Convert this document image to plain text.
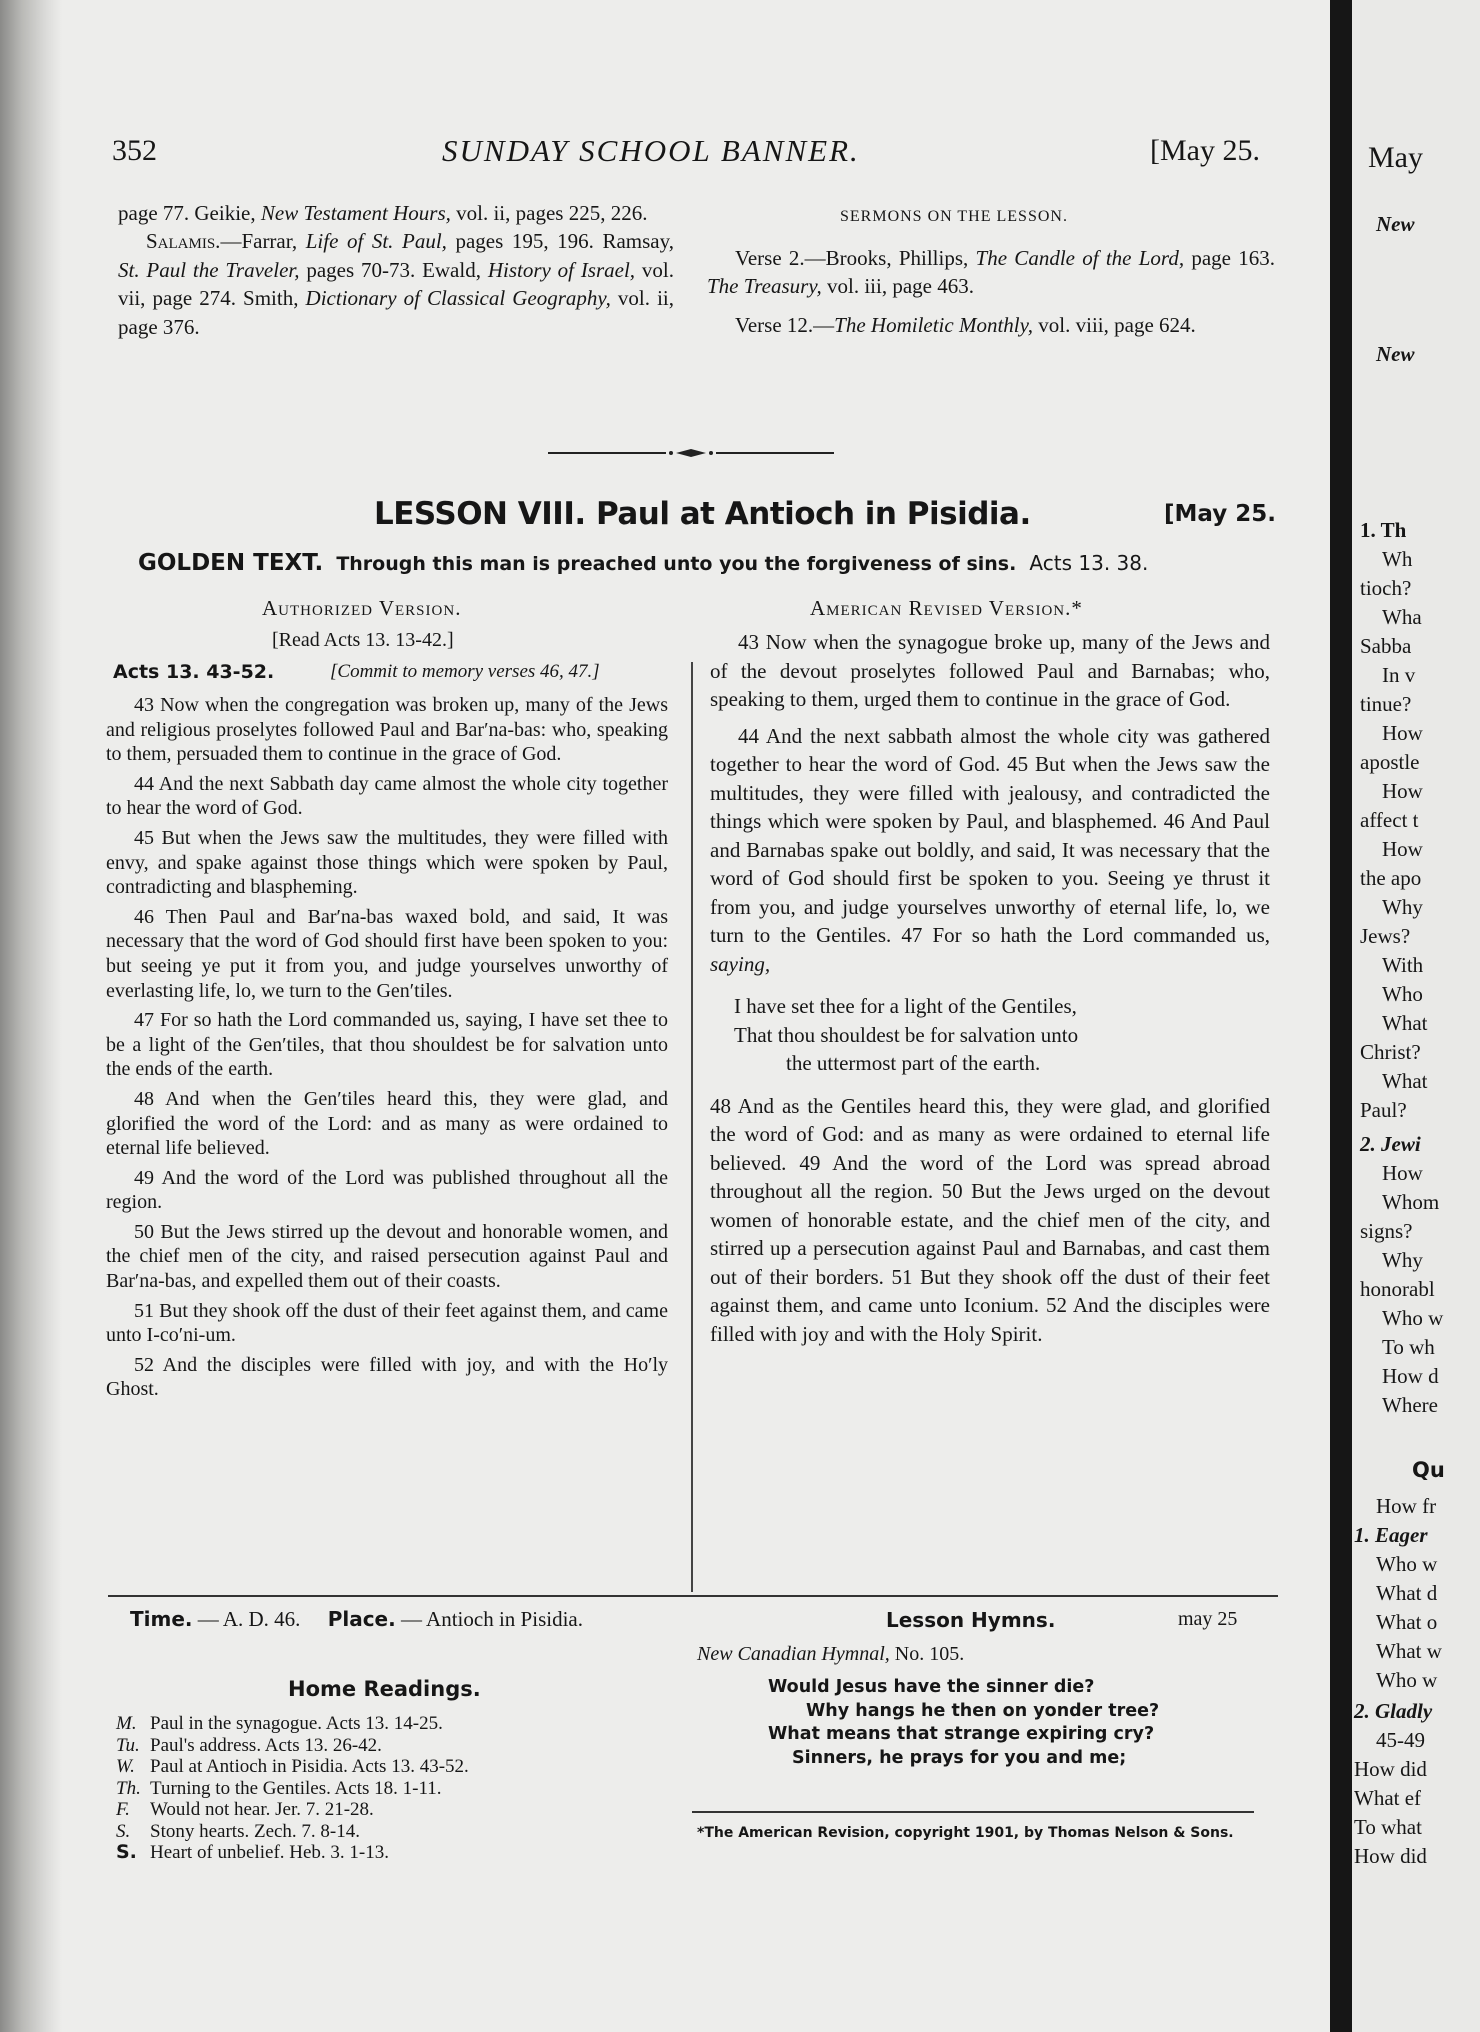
352	SUNDAY SCHOOL BANNER.	[May 25.

page 77. Geikie, New Testament Hours, vol. ii, pages 225, 226.

Salamis.—Farrar, Life of St. Paul, pages 195, 196. Ramsay, St. Paul the Traveler, pages 70-73. Ewald, History of Israel, vol. vii, page 274. Smith, Dictionary of Classical Geography, vol. ii, page 376.

SERMONS ON THE LESSON.

Verse 2.—Brooks, Phillips, The Candle of the Lord, page 163. The Treasury, vol. iii, page 463.

Verse 12.—The Homiletic Monthly, vol. viii, page 624.

LESSON VIII. Paul at Antioch in Pisidia.	[May 25.
GOLDEN TEXT. Through this man is preached unto you the forgiveness of sins. Acts 13. 38.
Authorized Version.
[Read Acts 13. 13-42.]
Acts 13. 43-52.	[Commit to memory verses 46, 47.]

43 Now when the congregation was broken up, many of the Jews and religious proselytes followed Paul and Bar′na-bas: who, speaking to them, persuaded them to continue in the grace of God.

44 And the next Sabbath day came almost the whole city together to hear the word of God.

45 But when the Jews saw the multitudes, they were filled with envy, and spake against those things which were spoken by Paul, contradicting and blaspheming.

46 Then Paul and Bar′na-bas waxed bold, and said, It was necessary that the word of God should first have been spoken to you: but seeing ye put it from you, and judge yourselves unworthy of everlasting life, lo, we turn to the Gen′tiles.

47 For so hath the Lord commanded us, saying, I have set thee to be a light of the Gen′tiles, that thou shouldest be for salvation unto the ends of the earth.

48 And when the Gen′tiles heard this, they were glad, and glorified the word of the Lord: and as many as were ordained to eternal life believed.

49 And the word of the Lord was published throughout all the region.

50 But the Jews stirred up the devout and honorable women, and the chief men of the city, and raised persecution against Paul and Bar′na-bas, and expelled them out of their coasts.

51 But they shook off the dust of their feet against them, and came unto I-co′ni-um.

52 And the disciples were filled with joy, and with the Ho′ly Ghost.

American Revised Version.*

43 Now when the synagogue broke up, many of the Jews and of the devout proselytes followed Paul and Barnabas; who, speaking to them, urged them to continue in the grace of God.

44 And the next sabbath almost the whole city was gathered together to hear the word of God. 45 But when the Jews saw the multitudes, they were filled with jealousy, and contradicted the things which were spoken by Paul, and blasphemed. 46 And Paul and Barnabas spake out boldly, and said, It was necessary that the word of God should first be spoken to you. Seeing ye thrust it from you, and judge yourselves unworthy of eternal life, lo, we turn to the Gentiles. 47 For so hath the Lord commanded us, saying,

I have set thee for a light of the Gentiles,
That thou shouldest be for salvation unto
the uttermost part of the earth.

48 And as the Gentiles heard this, they were glad, and glorified the word of God: and as many as were ordained to eternal life believed. 49 And the word of the Lord was spread abroad throughout all the region. 50 But the Jews urged on the devout women of honorable estate, and the chief men of the city, and stirred up a persecution against Paul and Barnabas, and cast them out of their borders. 51 But they shook off the dust of their feet against them, and came unto Iconium. 52 And the disciples were filled with joy and with the Holy Spirit.

Time. — A. D. 46. Place. — Antioch in Pisidia.
Home Readings.
M. Paul in the synagogue. Acts 13. 14-25.
Tu. Paul's address. Acts 13. 26-42.
W. Paul at Antioch in Pisidia. Acts 13. 43-52.
Th. Turning to the Gentiles. Acts 18. 1-11.
F. Would not hear. Jer. 7. 21-28.
S. Stony hearts. Zech. 7. 8-14.
S. Heart of unbelief. Heb. 3. 1-13.
Lesson Hymns.	may 25
New Canadian Hymnal, No. 105.
Would Jesus have the sinner die?
Why hangs he then on yonder tree?
What means that strange expiring cry?
Sinners, he prays for you and me;
*The American Revision, copyright 1901, by Thomas Nelson & Sons.
May
New
New
1. Th
Wh
tioch?
Wha
Sabba
In v
tinue?
How
apostle
How
affect t
How
the apo
Why
Jews?
With
Who
What
Christ?
What
Paul?
2. Jewi
How
Whom
signs?
Why
honorabl
Who w
To wh
How d
Where
Qu
How fr
1. Eager
Who w
What d
What o
What w
Who w
2. Gladly
45-49
How did
What ef
To what
How did
